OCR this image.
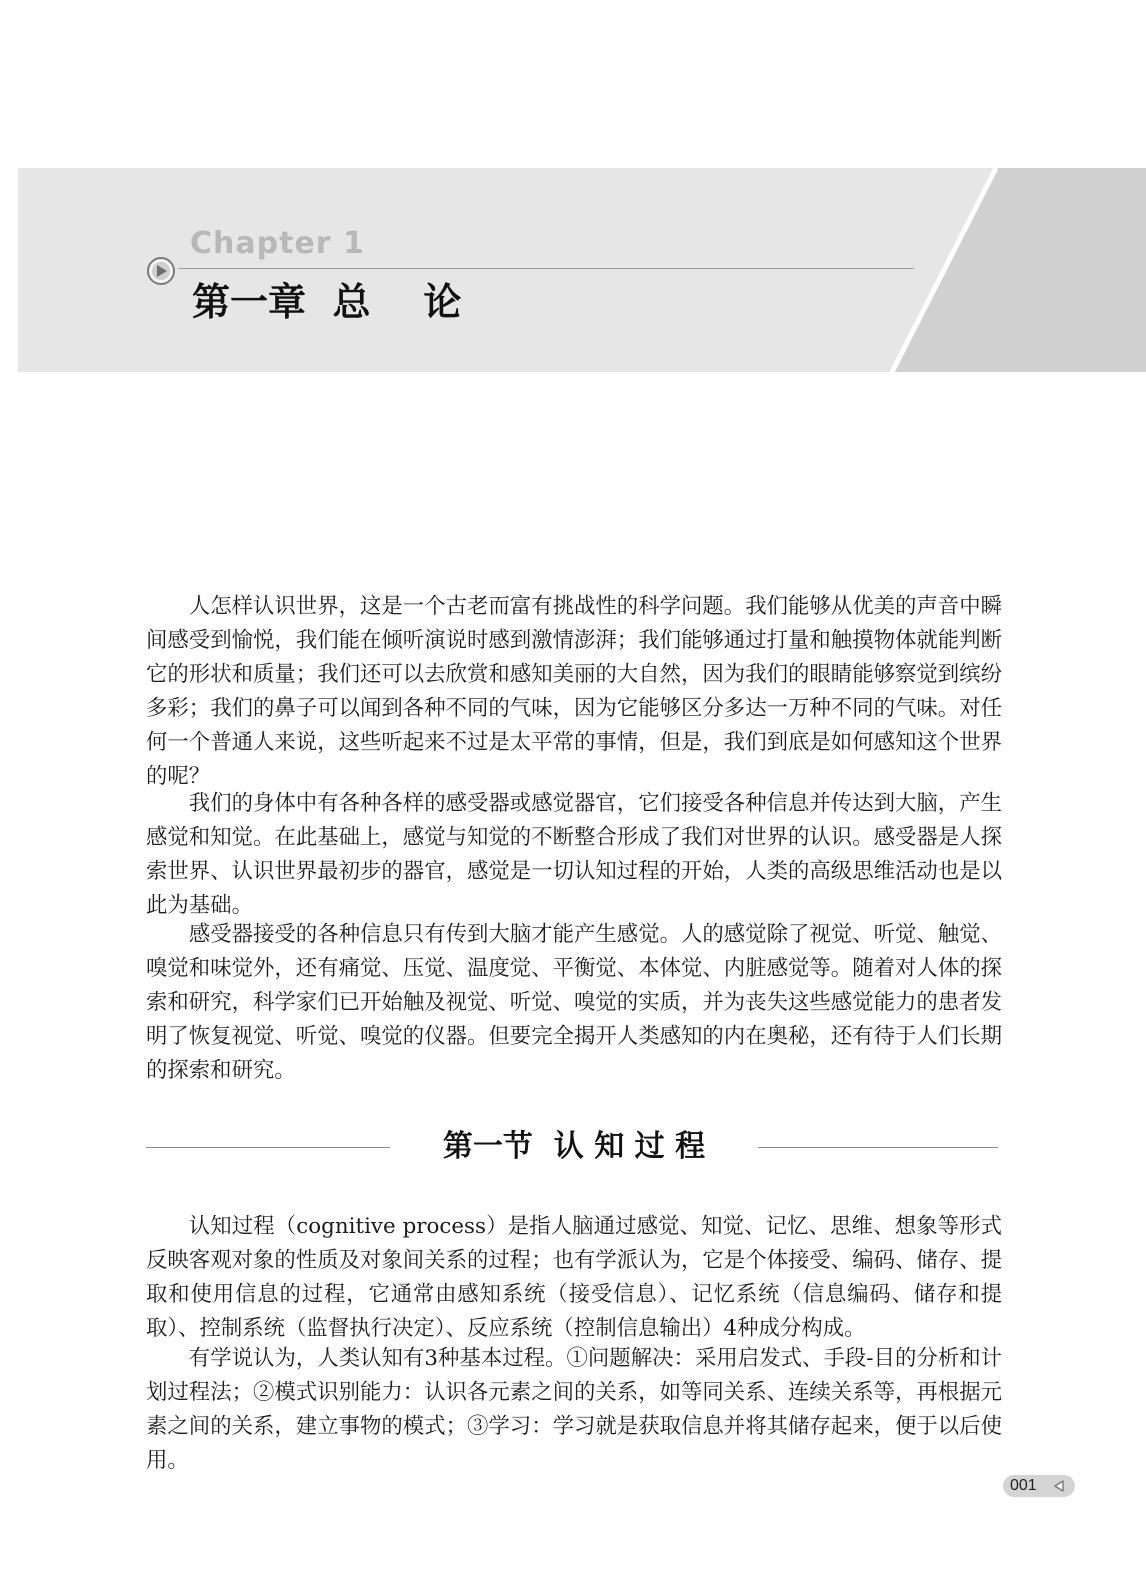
Chapter 1
第一章  总    论

人怎样认识世界，这是一个古老而富有挑战性的科学问题。我们能够从优美的声音中瞬间感受到愉悦，我们能在倾听演说时感到激情澎湃；我们能够通过打量和触摸物体就能判断它的形状和质量；我们还可以去欣赏和感知美丽的大自然，因为我们的眼睛能够察觉到缤纷多彩；我们的鼻子可以闻到各种不同的气味，因为它能够区分多达一万种不同的气味。对任何一个普通人来说，这些听起来不过是太平常的事情，但是，我们到底是如何感知这个世界的呢？

我们的身体中有各种各样的感受器或感觉器官，它们接受各种信息并传达到大脑，产生感觉和知觉。在此基础上，感觉与知觉的不断整合形成了我们对世界的认识。感受器是人探索世界、认识世界最初步的器官，感觉是一切认知过程的开始，人类的高级思维活动也是以此为基础。

感受器接受的各种信息只有传到大脑才能产生感觉。人的感觉除了视觉、听觉、触觉、嗅觉和味觉外，还有痛觉、压觉、温度觉、平衡觉、本体觉、内脏感觉等。随着对人体的探索和研究，科学家们已开始触及视觉、听觉、嗅觉的实质，并为丧失这些感觉能力的患者发明了恢复视觉、听觉、嗅觉的仪器。但要完全揭开人类感知的内在奥秘，还有待于人们长期的探索和研究。

第一节  认 知 过 程

认知过程（cognitive process）是指人脑通过感觉、知觉、记忆、思维、想象等形式反映客观对象的性质及对象间关系的过程；也有学派认为，它是个体接受、编码、储存、提取和使用信息的过程，它通常由感知系统（接受信息）、记忆系统（信息编码、储存和提取）、控制系统（监督执行决定）、反应系统（控制信息输出）4种成分构成。

有学说认为，人类认知有3种基本过程。①问题解决：采用启发式、手段-目的分析和计划过程法；②模式识别能力：认识各元素之间的关系，如等同关系、连续关系等，再根据元素之间的关系，建立事物的模式；③学习：学习就是获取信息并将其储存起来，便于以后使用。

001
